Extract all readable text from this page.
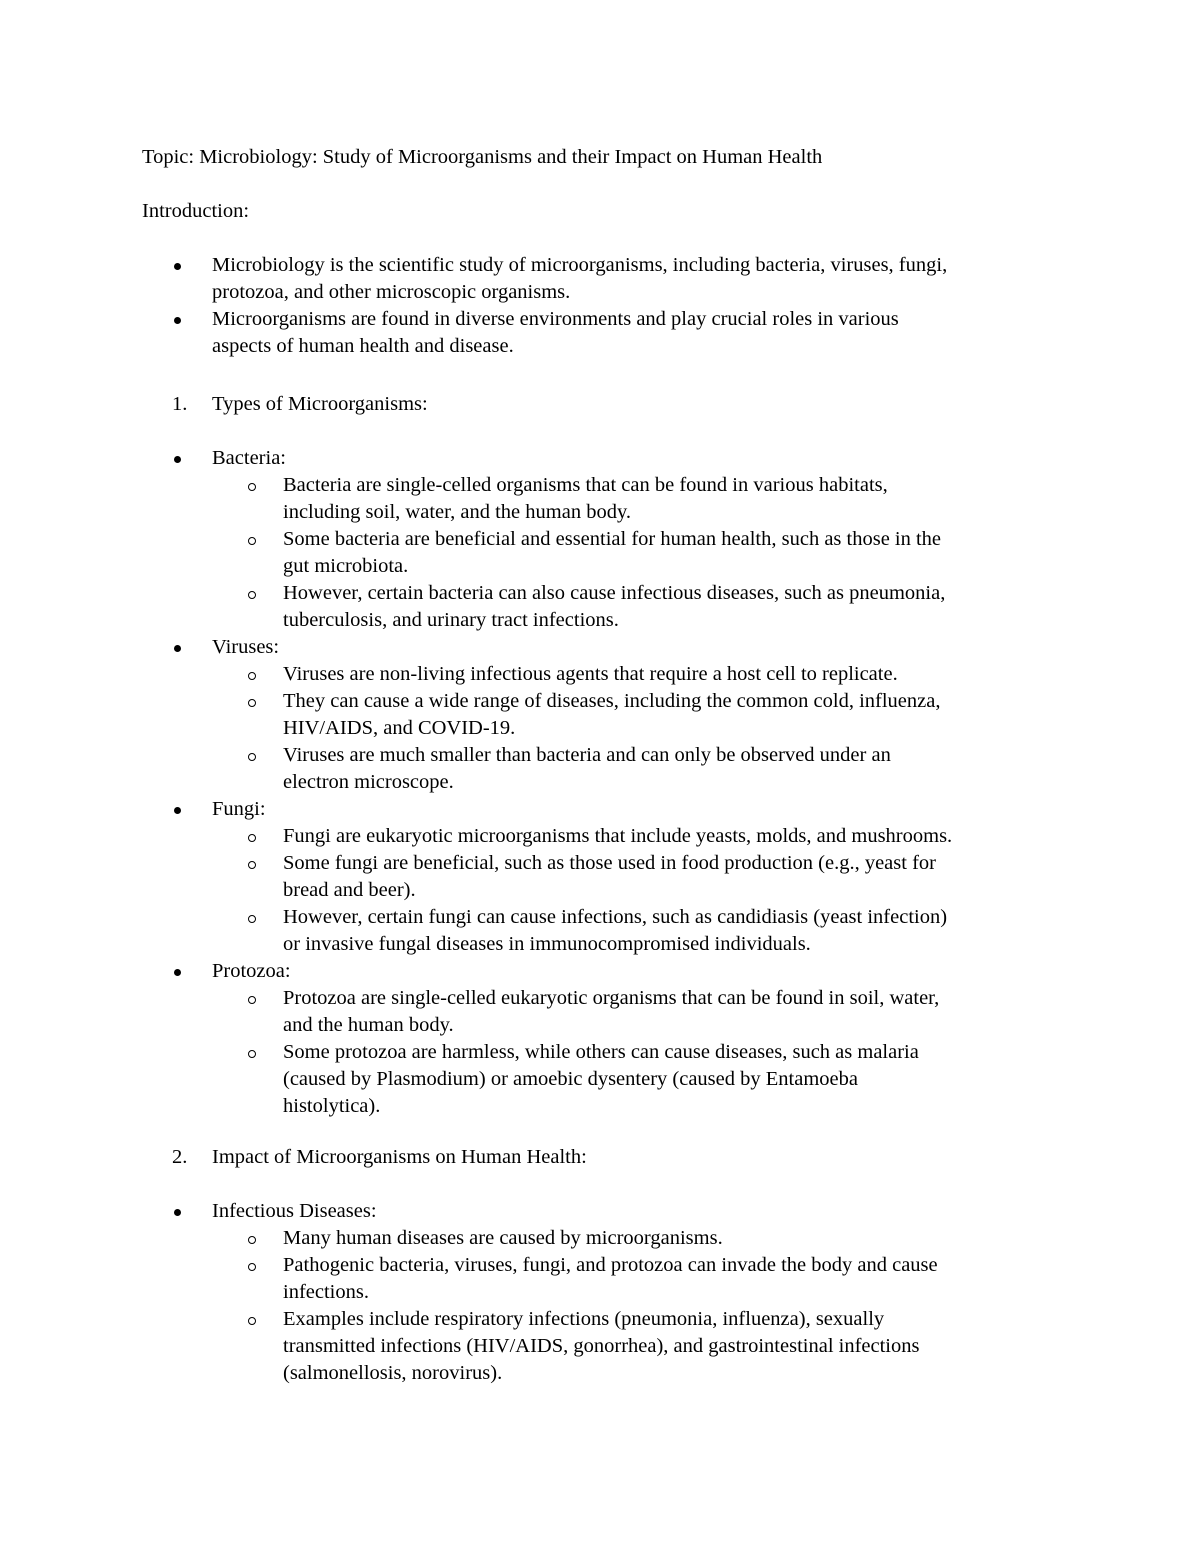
Topic: Microbiology: Study of Microorganisms and their Impact on Human Health
Introduction:
Microbiology is the scientific study of microorganisms, including bacteria, viruses, fungi,
protozoa, and other microscopic organisms.
Microorganisms are found in diverse environments and play crucial roles in various
aspects of human health and disease.
1. Types of Microorganisms:
Bacteria:
Bacteria are single-celled organisms that can be found in various habitats,
including soil, water, and the human body.
Some bacteria are beneficial and essential for human health, such as those in the
gut microbiota.
However, certain bacteria can also cause infectious diseases, such as pneumonia,
tuberculosis, and urinary tract infections.
Viruses:
Viruses are non-living infectious agents that require a host cell to replicate.
They can cause a wide range of diseases, including the common cold, influenza,
HIV/AIDS, and COVID-19.
Viruses are much smaller than bacteria and can only be observed under an
electron microscope.
Fungi:
Fungi are eukaryotic microorganisms that include yeasts, molds, and mushrooms.
Some fungi are beneficial, such as those used in food production (e.g., yeast for
bread and beer).
However, certain fungi can cause infections, such as candidiasis (yeast infection)
or invasive fungal diseases in immunocompromised individuals.
Protozoa:
Protozoa are single-celled eukaryotic organisms that can be found in soil, water,
and the human body.
Some protozoa are harmless, while others can cause diseases, such as malaria
(caused by Plasmodium) or amoebic dysentery (caused by Entamoeba
histolytica).
2. Impact of Microorganisms on Human Health:
Infectious Diseases:
Many human diseases are caused by microorganisms.
Pathogenic bacteria, viruses, fungi, and protozoa can invade the body and cause
infections.
Examples include respiratory infections (pneumonia, influenza), sexually
transmitted infections (HIV/AIDS, gonorrhea), and gastrointestinal infections
(salmonellosis, norovirus).
